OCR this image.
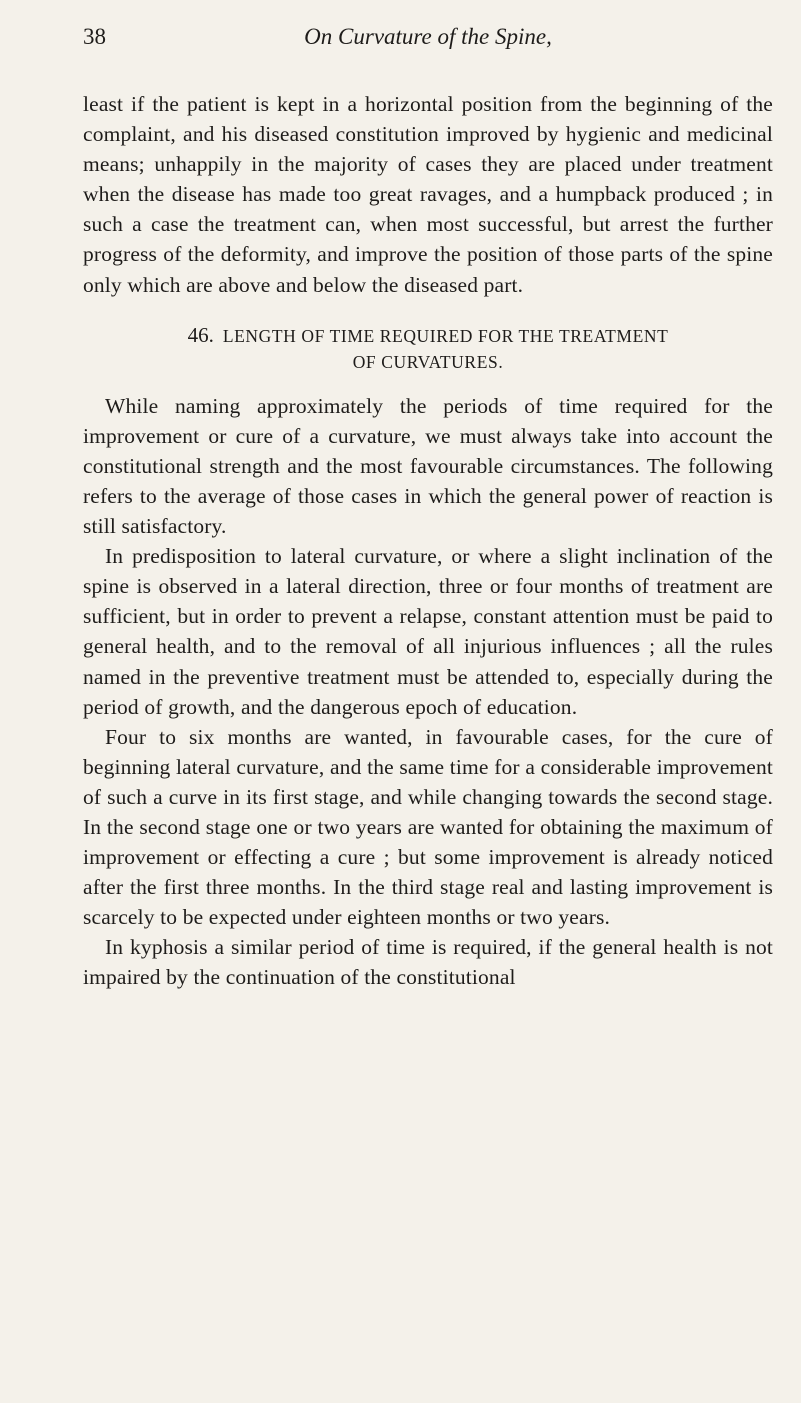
38	On Curvature of the Spine,

least if the patient is kept in a horizontal position from the beginning of the complaint, and his diseased constitution improved by hygienic and medicinal means; unhappily in the majority of cases they are placed under treatment when the disease has made too great ravages, and a humpback produced ; in such a case the treatment can, when most successful, but arrest the further progress of the deformity, and improve the position of those parts of the spine only which are above and below the diseased part.

46. LENGTH OF TIME REQUIRED FOR THE TREATMENT
OF CURVATURES.

While naming approximately the periods of time required for the improvement or cure of a curvature, we must always take into account the constitutional strength and the most favourable circumstances. The following refers to the average of those cases in which the general power of reaction is still satisfactory.

In predisposition to lateral curvature, or where a slight inclination of the spine is observed in a lateral direction, three or four months of treatment are sufficient, but in order to prevent a relapse, constant attention must be paid to general health, and to the removal of all injurious influences ; all the rules named in the preventive treatment must be attended to, especially during the period of growth, and the dangerous epoch of education.

Four to six months are wanted, in favourable cases, for the cure of beginning lateral curvature, and the same time for a considerable improvement of such a curve in its first stage, and while changing towards the second stage. In the second stage one or two years are wanted for obtaining the maximum of improvement or effecting a cure ; but some improvement is already noticed after the first three months. In the third stage real and lasting improvement is scarcely to be expected under eighteen months or two years.

In kyphosis a similar period of time is required, if the general health is not impaired by the continuation of the constitutional
